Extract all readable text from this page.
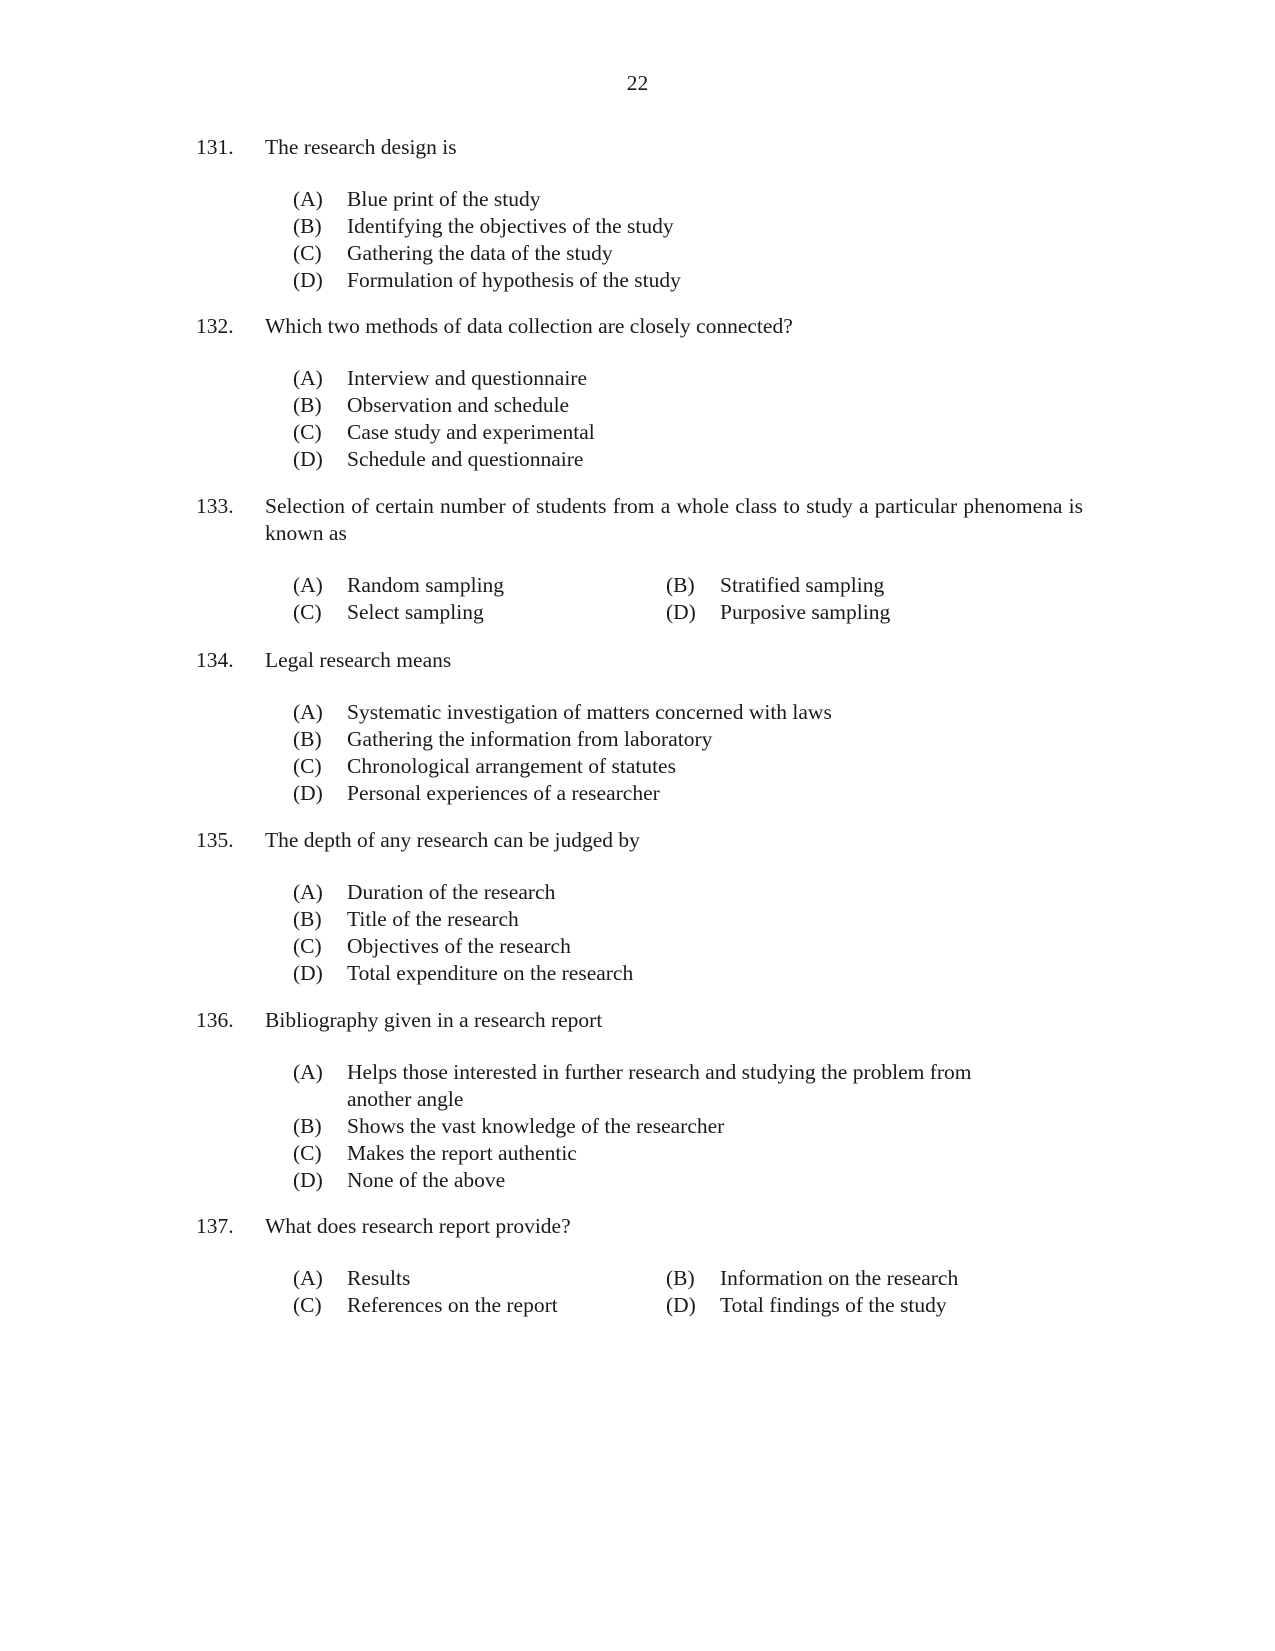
22
131. The research design is
(A) Blue print of the study
(B) Identifying the objectives of the study
(C) Gathering the data of the study
(D) Formulation of hypothesis of the study
132. Which two methods of data collection are closely connected?
(A) Interview and questionnaire
(B) Observation and schedule
(C) Case study and experimental
(D) Schedule and questionnaire
133. Selection of certain number of students from a whole class to study a particular phenomena is known as
(A) Random sampling	(B) Stratified sampling
(C) Select sampling	(D) Purposive sampling
134. Legal research means
(A) Systematic investigation of matters concerned with laws
(B) Gathering the information from laboratory
(C) Chronological arrangement of statutes
(D) Personal experiences of a researcher
135. The depth of any research can be judged by
(A) Duration of the research
(B) Title of the research
(C) Objectives of the research
(D) Total expenditure on the research
136. Bibliography given in a research report
(A) Helps those interested in further research and studying the problem from another angle
(B) Shows the vast knowledge of the researcher
(C) Makes the report authentic
(D) None of the above
137. What does research report provide?
(A) Results	(B) Information on the research
(C) References on the report	(D) Total findings of the study
